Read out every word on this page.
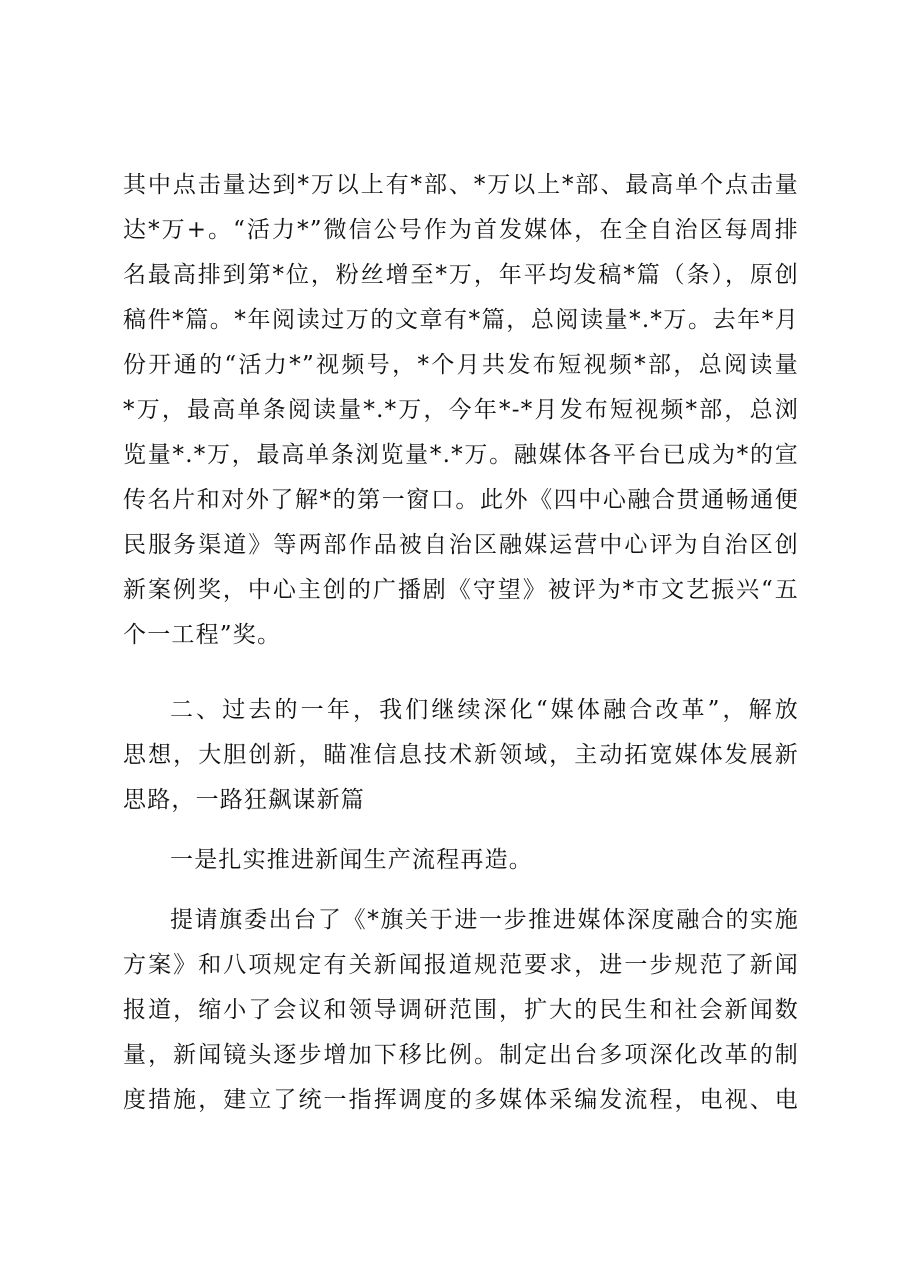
其中点击量达到*万以上有*部、*万以上*部、最高单个点击量
达*万+。“活力*”微信公号作为首发媒体，在全自治区每周排
名最高排到第*位，粉丝增至*万，年平均发稿*篇（条），原创
稿件*篇。*年阅读过万的文章有*篇，总阅读量*.*万。去年*月
份开通的“活力*”视频号，*个月共发布短视频*部，总阅读量
*万，最高单条阅读量*.*万，今年*-*月发布短视频*部，总浏
览量*.*万，最高单条浏览量*.*万。融媒体各平台已成为*的宣
传名片和对外了解*的第一窗口。此外《四中心融合贯通畅通便
民服务渠道》等两部作品被自治区融媒运营中心评为自治区创
新案例奖，中心主创的广播剧《守望》被评为*市文艺振兴“五
个一工程”奖。
二、过去的一年，我们继续深化“媒体融合改革”，解放
思想，大胆创新，瞄准信息技术新领域，主动拓宽媒体发展新
思路，一路狂飙谋新篇
一是扎实推进新闻生产流程再造。
提请旗委出台了《*旗关于进一步推进媒体深度融合的实施
方案》和八项规定有关新闻报道规范要求，进一步规范了新闻
报道，缩小了会议和领导调研范围，扩大的民生和社会新闻数
量，新闻镜头逐步增加下移比例。制定出台多项深化改革的制
度措施，建立了统一指挥调度的多媒体采编发流程，电视、电
